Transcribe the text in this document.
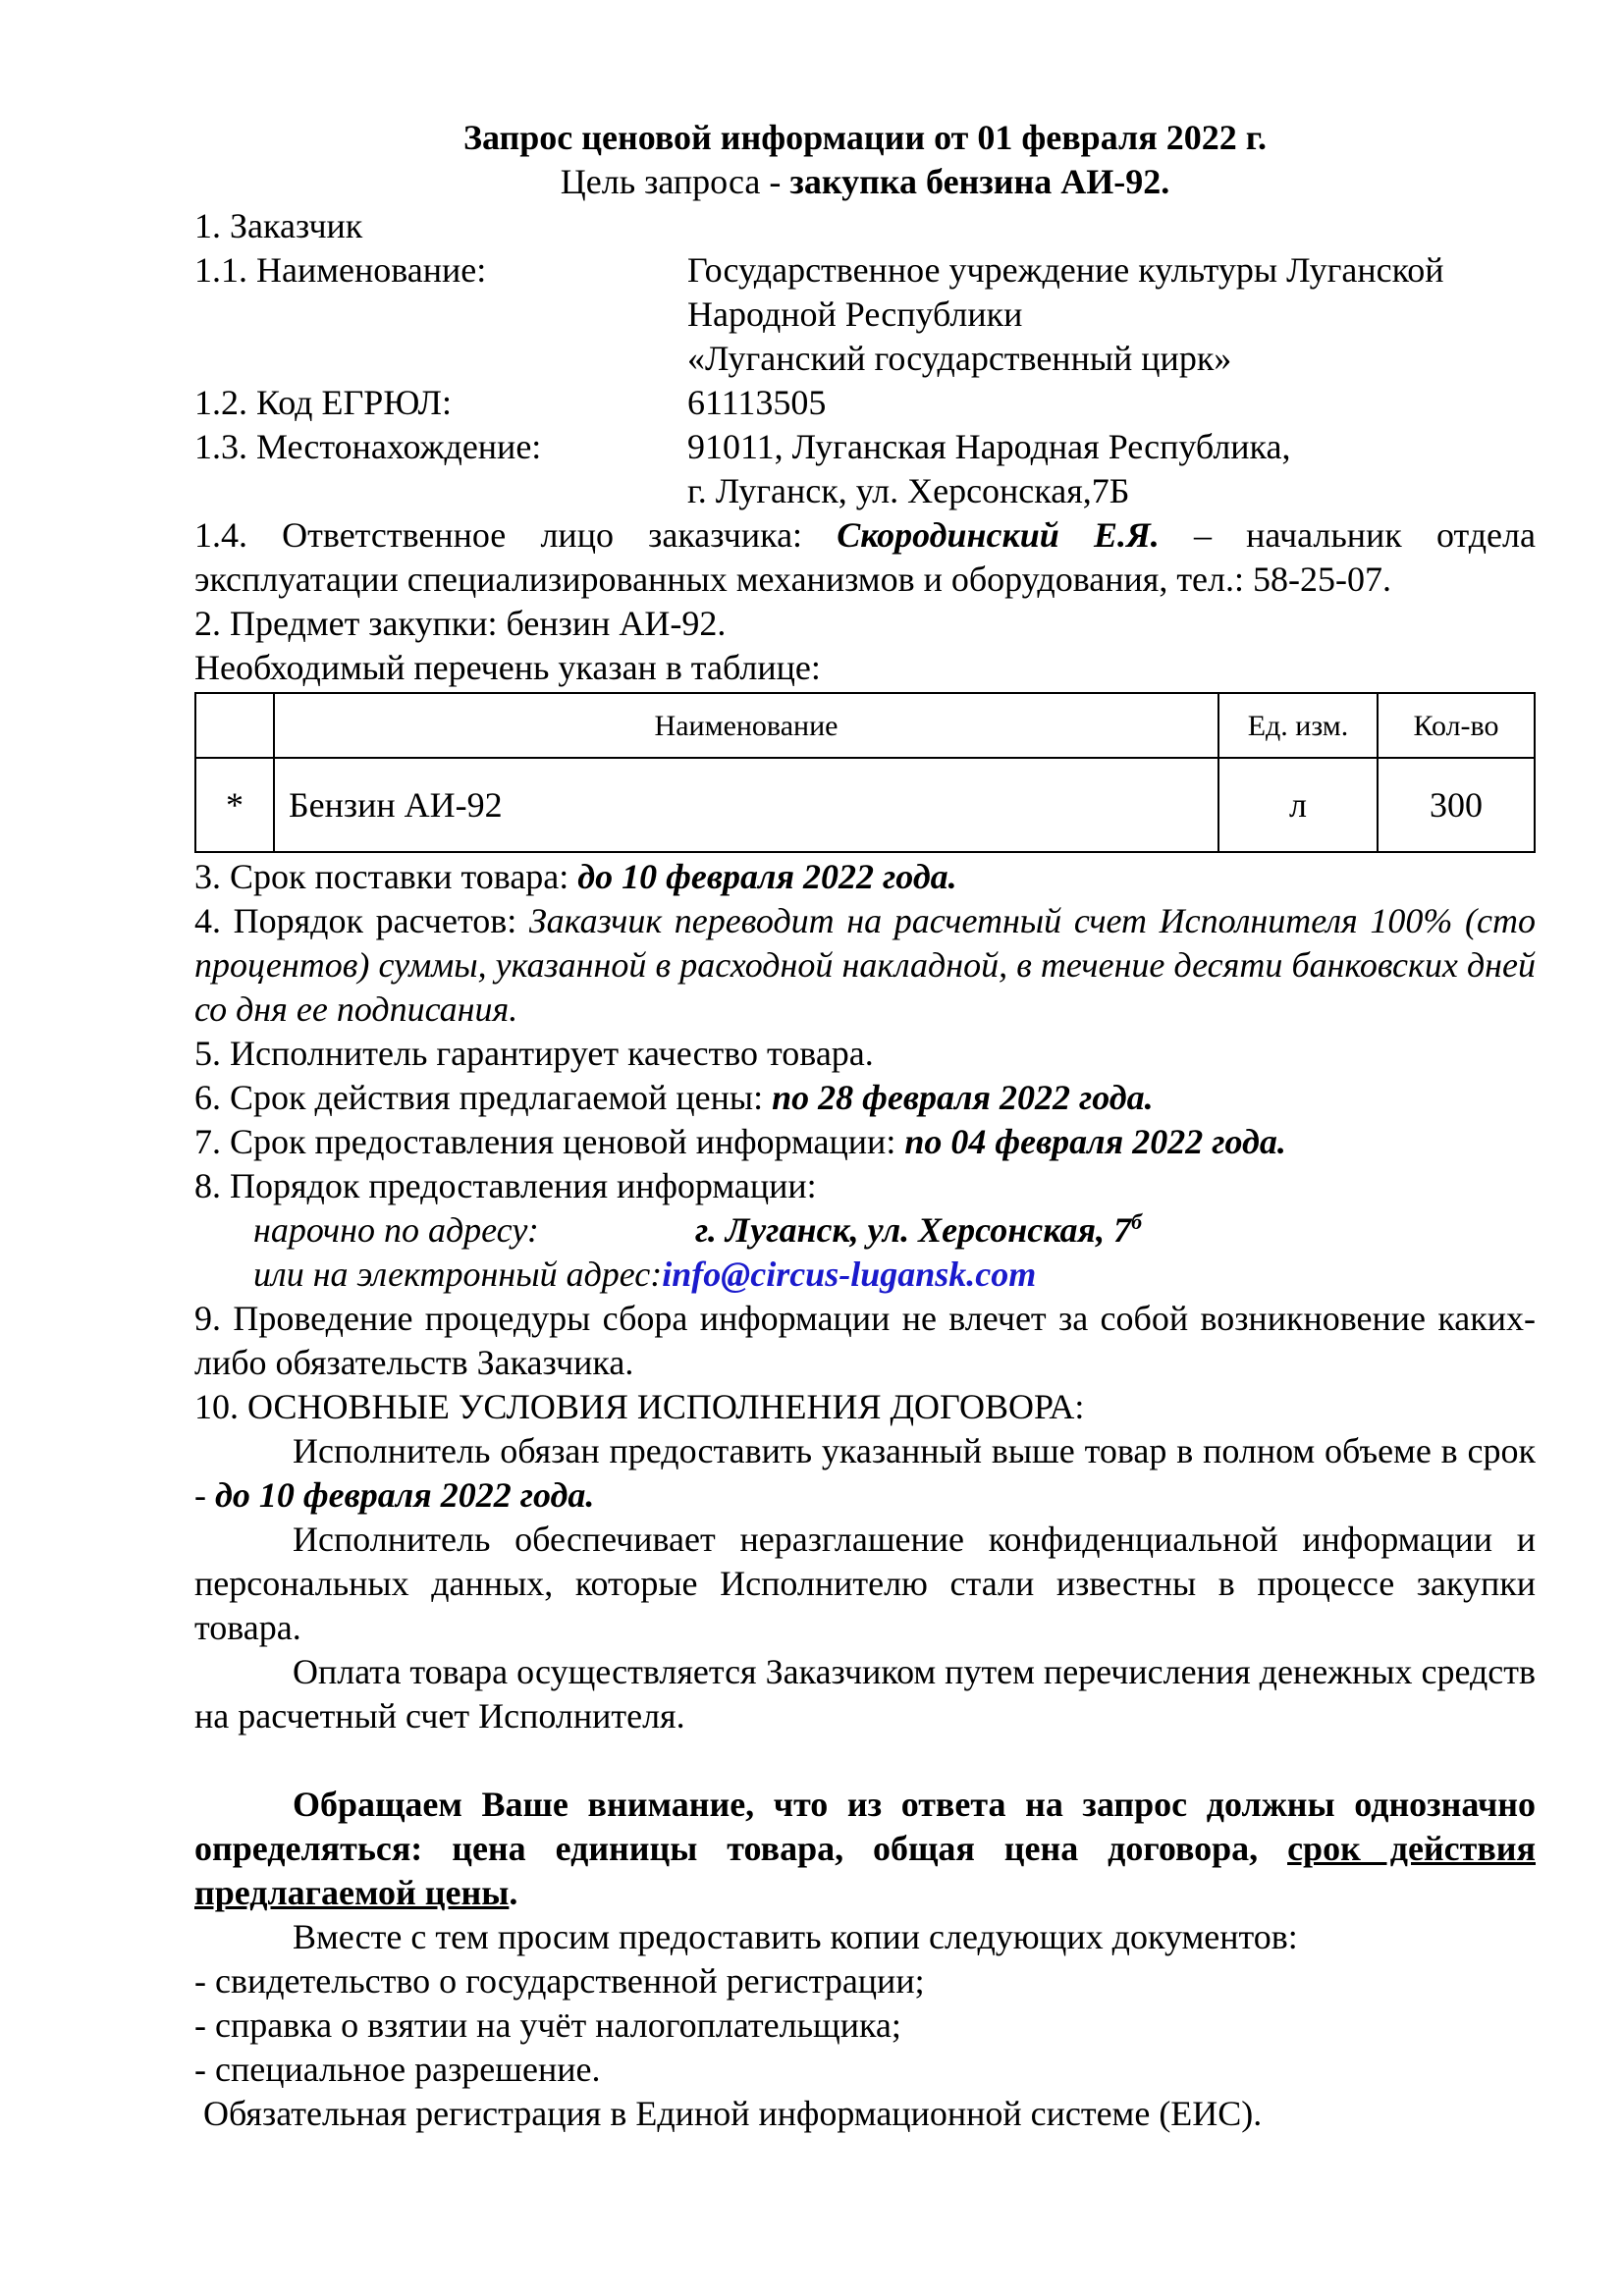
Запрос ценовой информации от 01 февраля 2022 г.
Цель запроса - закупка бензина АИ-92.
1. Заказчик
1.1. Наименование:	Государственное учреждение культуры Луганской
Народной Республики
«Луганский государственный цирк»
1.2. Код ЕГРЮЛ:	61113505
1.3. Местонахождение:	91011, Луганская Народная Республика,
г. Луганск, ул. Херсонская,7Б
1.4. Ответственное лицо заказчика: Скородинский Е.Я. – начальник отдела эксплуатации специализированных механизмов и оборудования, тел.: 58-25-07.
2. Предмет закупки: бензин АИ-92.
Необходимый перечень указан в таблице:
	Наименование	Ед. изм.	Кол-во
*	Бензин АИ-92	л	300
3. Срок поставки товара: до 10 февраля 2022 года.
4. Порядок расчетов: Заказчик переводит на расчетный счет Исполнителя 100% (сто процентов) суммы, указанной в расходной накладной, в течение десяти банковских дней со дня ее подписания.
5. Исполнитель гарантирует качество товара.
6. Срок действия предлагаемой цены: по 28 февраля 2022 года.
7. Срок предоставления ценовой информации: по 04 февраля 2022 года.
8. Порядок предоставления информации:
нарочно по адресу:	г. Луганск, ул. Херсонская, $7^б$
или на электронный адрес: info@circus-lugansk.com
9. Проведение процедуры сбора информации не влечет за собой возникновение каких-либо обязательств Заказчика.
10. ОСНОВНЫЕ УСЛОВИЯ ИСПОЛНЕНИЯ ДОГОВОРА:
Исполнитель обязан предоставить указанный выше товар в полном объеме в срок - до 10 февраля 2022 года.
Исполнитель обеспечивает неразглашение конфиденциальной информации и персональных данных, которые Исполнителю стали известны в процессе закупки товара.
Оплата товара осуществляется Заказчиком путем перечисления денежных средств на расчетный счет Исполнителя.
Обращаем Ваше внимание, что из ответа на запрос должны однозначно определяться: цена единицы товара, общая цена договора, срок действия предлагаемой цены.
Вместе с тем просим предоставить копии следующих документов:
- свидетельство о государственной регистрации;
- справка о взятии на учёт налогоплательщика;
- специальное разрешение.
Обязательная регистрация в Единой информационной системе (ЕИС).
